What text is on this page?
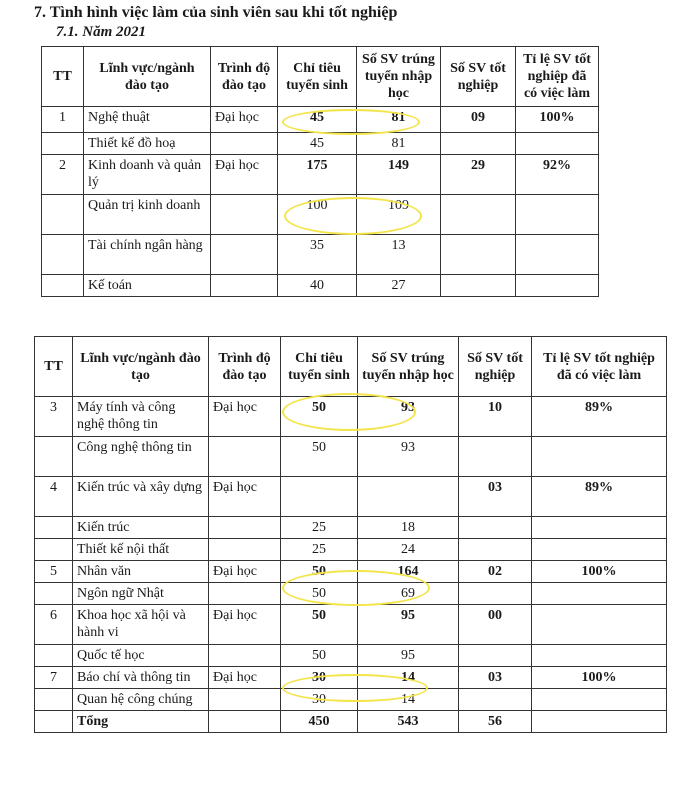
7. Tình hình việc làm của sinh viên sau khi tốt nghiệp
7.1. Năm 2021
TT	Lĩnh vực/ngành đào tạo	Trình độ đào tạo	Chỉ tiêu tuyển sinh	Số SV trúng tuyển nhập học	Số SV tốt nghiệp	Tỉ lệ SV tốt nghiệp đã có việc làm
1	Nghệ thuật	Đại học	45	81	09	100%
	Thiết kế đồ hoạ		45	81		
2	Kinh doanh và quản lý	Đại học	175	149	29	92%
	Quản trị kinh doanh		100	109		
	Tài chính ngân hàng		35	13		
	Kế toán		40	27		
TT	Lĩnh vực/ngành đào tạo	Trình độ đào tạo	Chỉ tiêu tuyển sinh	Số SV trúng tuyển nhập học	Số SV tốt nghiệp	Tỉ lệ SV tốt nghiệp đã có việc làm
3	Máy tính và công nghệ thông tin	Đại học	50	93	10	89%
	Công nghệ thông tin		50	93		
4	Kiến trúc và xây dựng	Đại học			03	89%
	Kiến trúc		25	18		
	Thiết kế nội thất		25	24		
5	Nhân văn	Đại học	50	164	02	100%
	Ngôn ngữ Nhật		50	69		
6	Khoa học xã hội và hành vi	Đại học	50	95	00	
	Quốc tế học		50	95		
7	Báo chí và thông tin	Đại học	30	14	03	100%
	Quan hệ công chúng		30	14		
	Tổng		450	543	56	
